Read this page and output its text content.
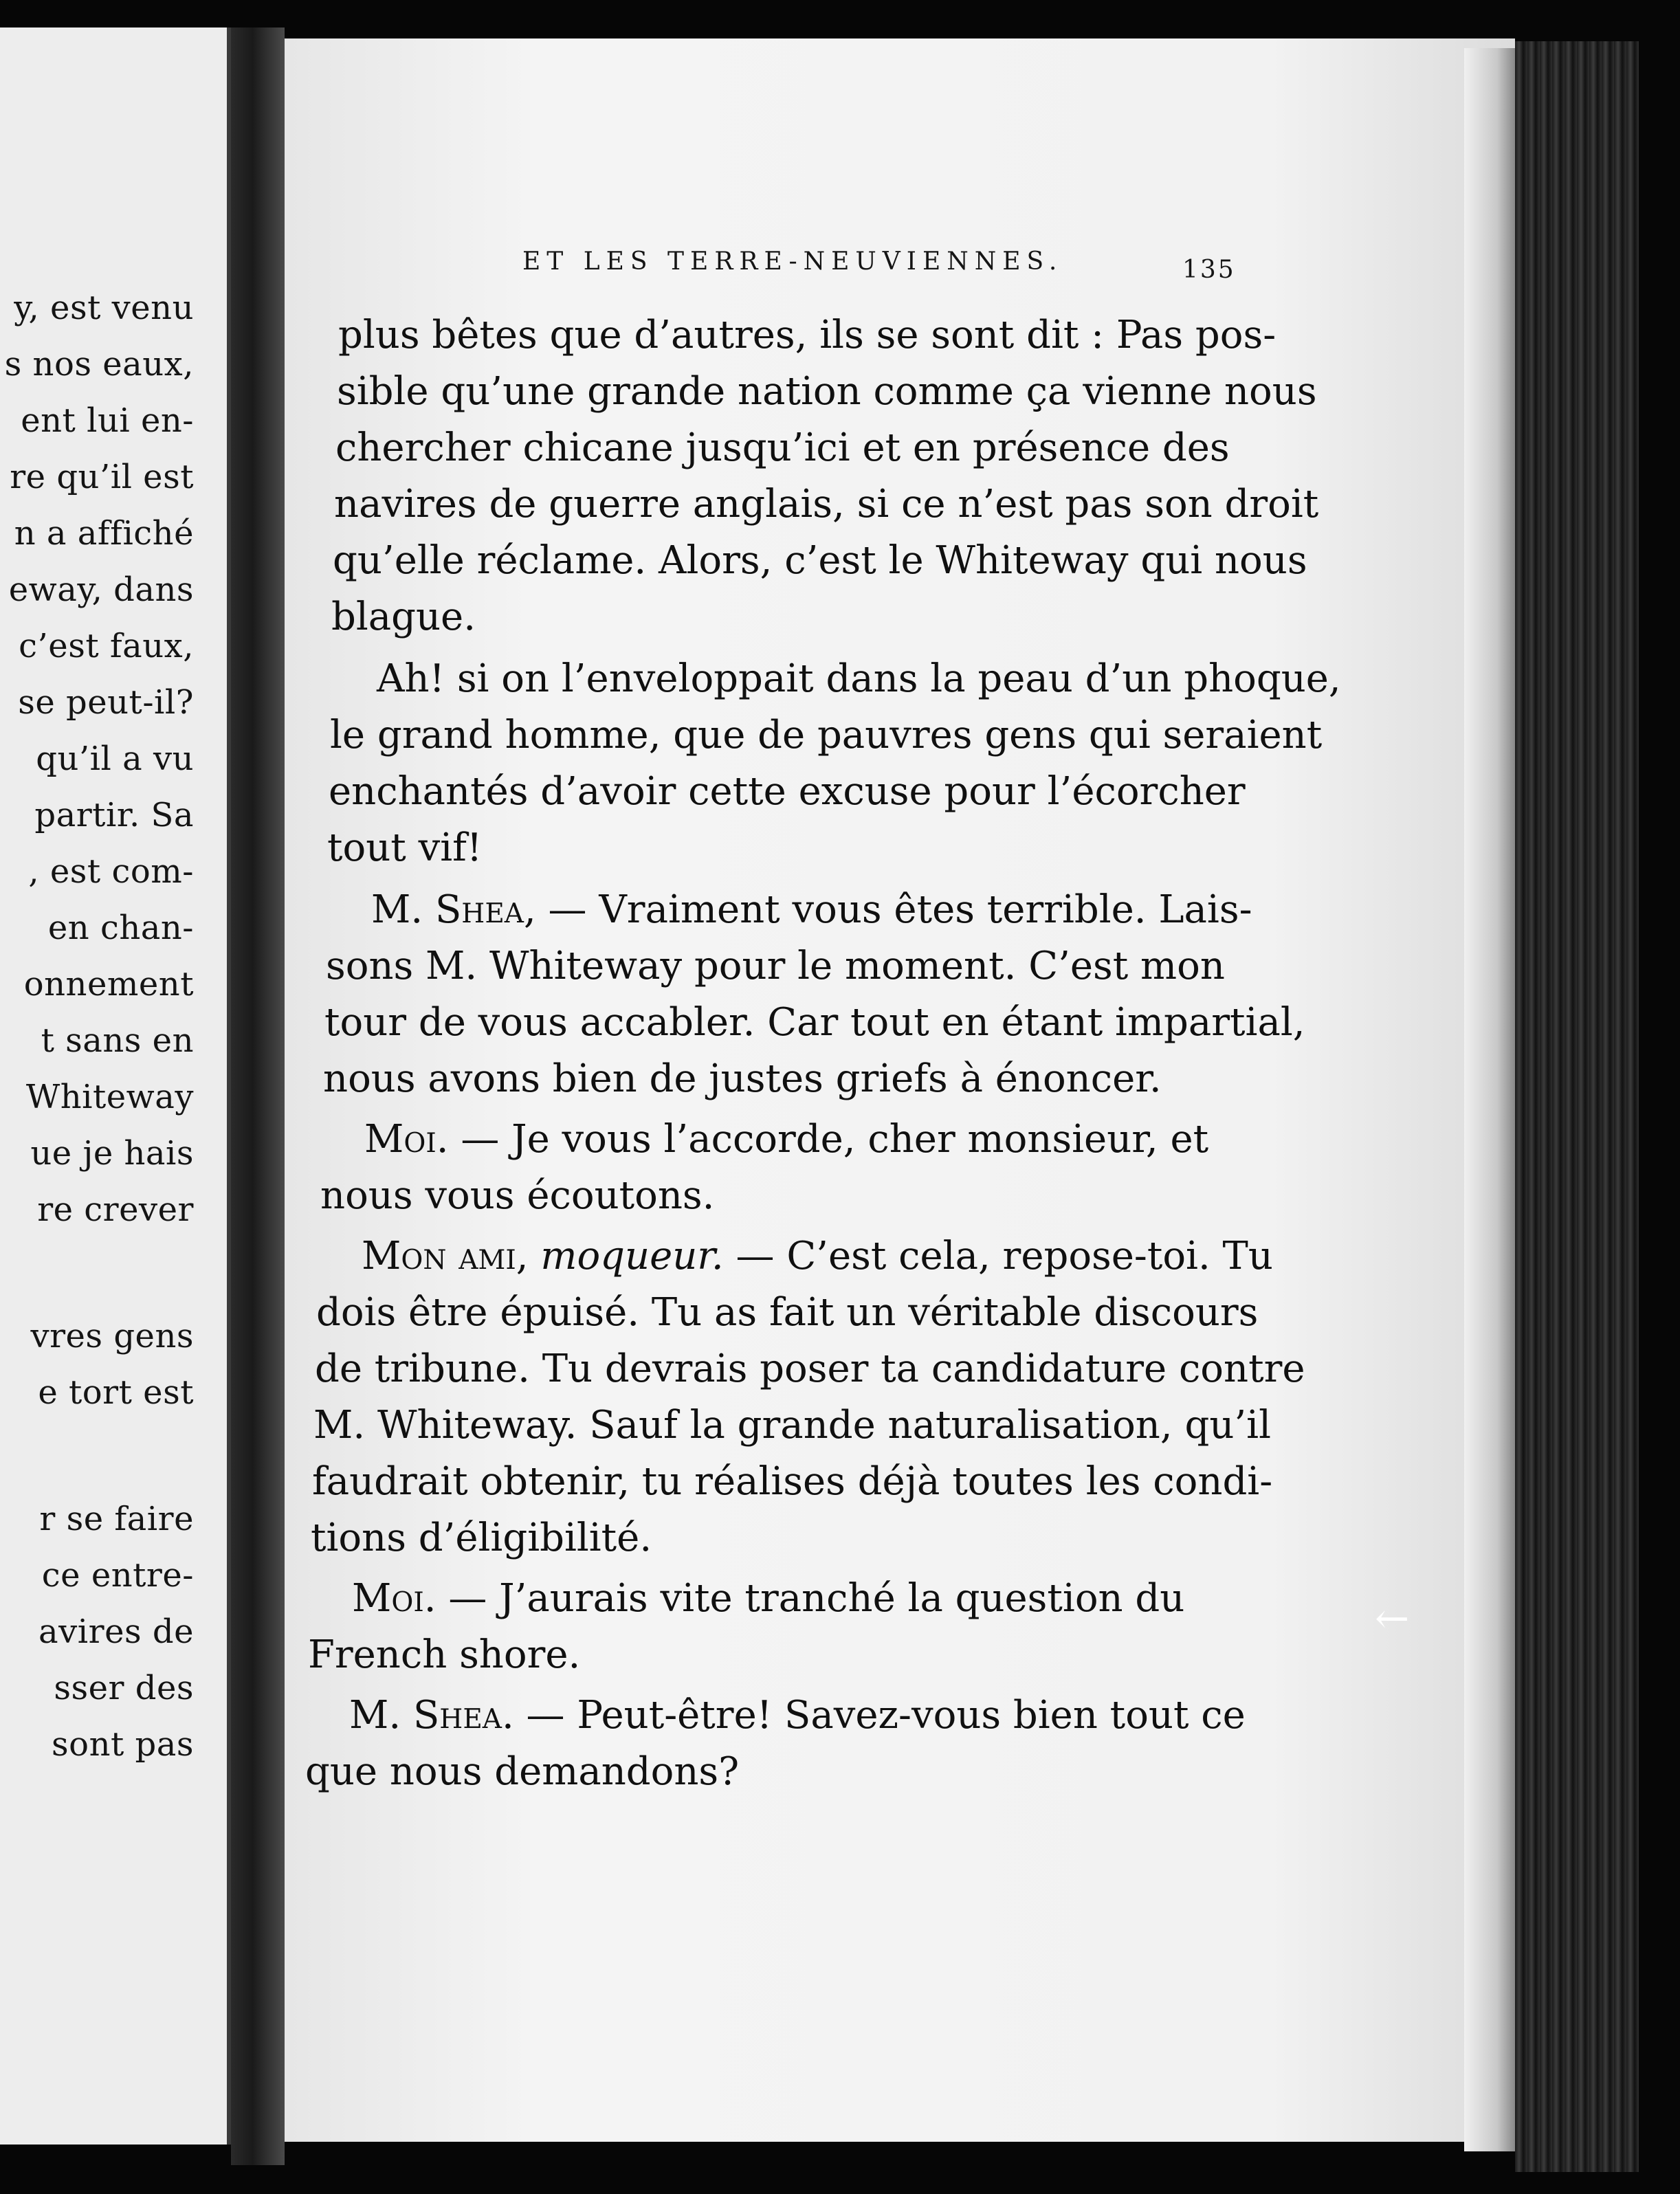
y, est venu
s nos eaux,
ent lui en-
re qu’il est
n a affiché
eway, dans
c’est faux,
se peut-il?
qu’il a vu
partir. Sa
, est com-
en chan-
onnement
t sans en
Whiteway
ue je hais
re crever
vres gens
e tort est
r se faire
ce entre-
avires de
sser des
sont pas
ET LES TERRE-NEUVIENNES.	135
plus bêtes que d’autres, ils se sont dit : Pas pos-
sible qu’une grande nation comme ça vienne nous
chercher chicane jusqu’ici et en présence des
navires de guerre anglais, si ce n’est pas son droit
qu’elle réclame. Alors, c’est le Whiteway qui nous
blague.
Ah! si on l’enveloppait dans la peau d’un phoque,
le grand homme, que de pauvres gens qui seraient
enchantés d’avoir cette excuse pour l’écorcher
tout vif!
M. Shea, — Vraiment vous êtes terrible. Lais-
sons M. Whiteway pour le moment. C’est mon
tour de vous accabler. Car tout en étant impartial,
nous avons bien de justes griefs à énoncer.
Moi. — Je vous l’accorde, cher monsieur, et
nous vous écoutons.
Mon ami, moqueur. — C’est cela, repose-toi. Tu
dois être épuisé. Tu as fait un véritable discours
de tribune. Tu devrais poser ta candidature contre
M. Whiteway. Sauf la grande naturalisation, qu’il
faudrait obtenir, tu réalises déjà toutes les condi-
tions d’éligibilité.
Moi. — J’aurais vite tranché la question du
French shore.
M. Shea. — Peut-être! Savez-vous bien tout ce
que nous demandons?
←
